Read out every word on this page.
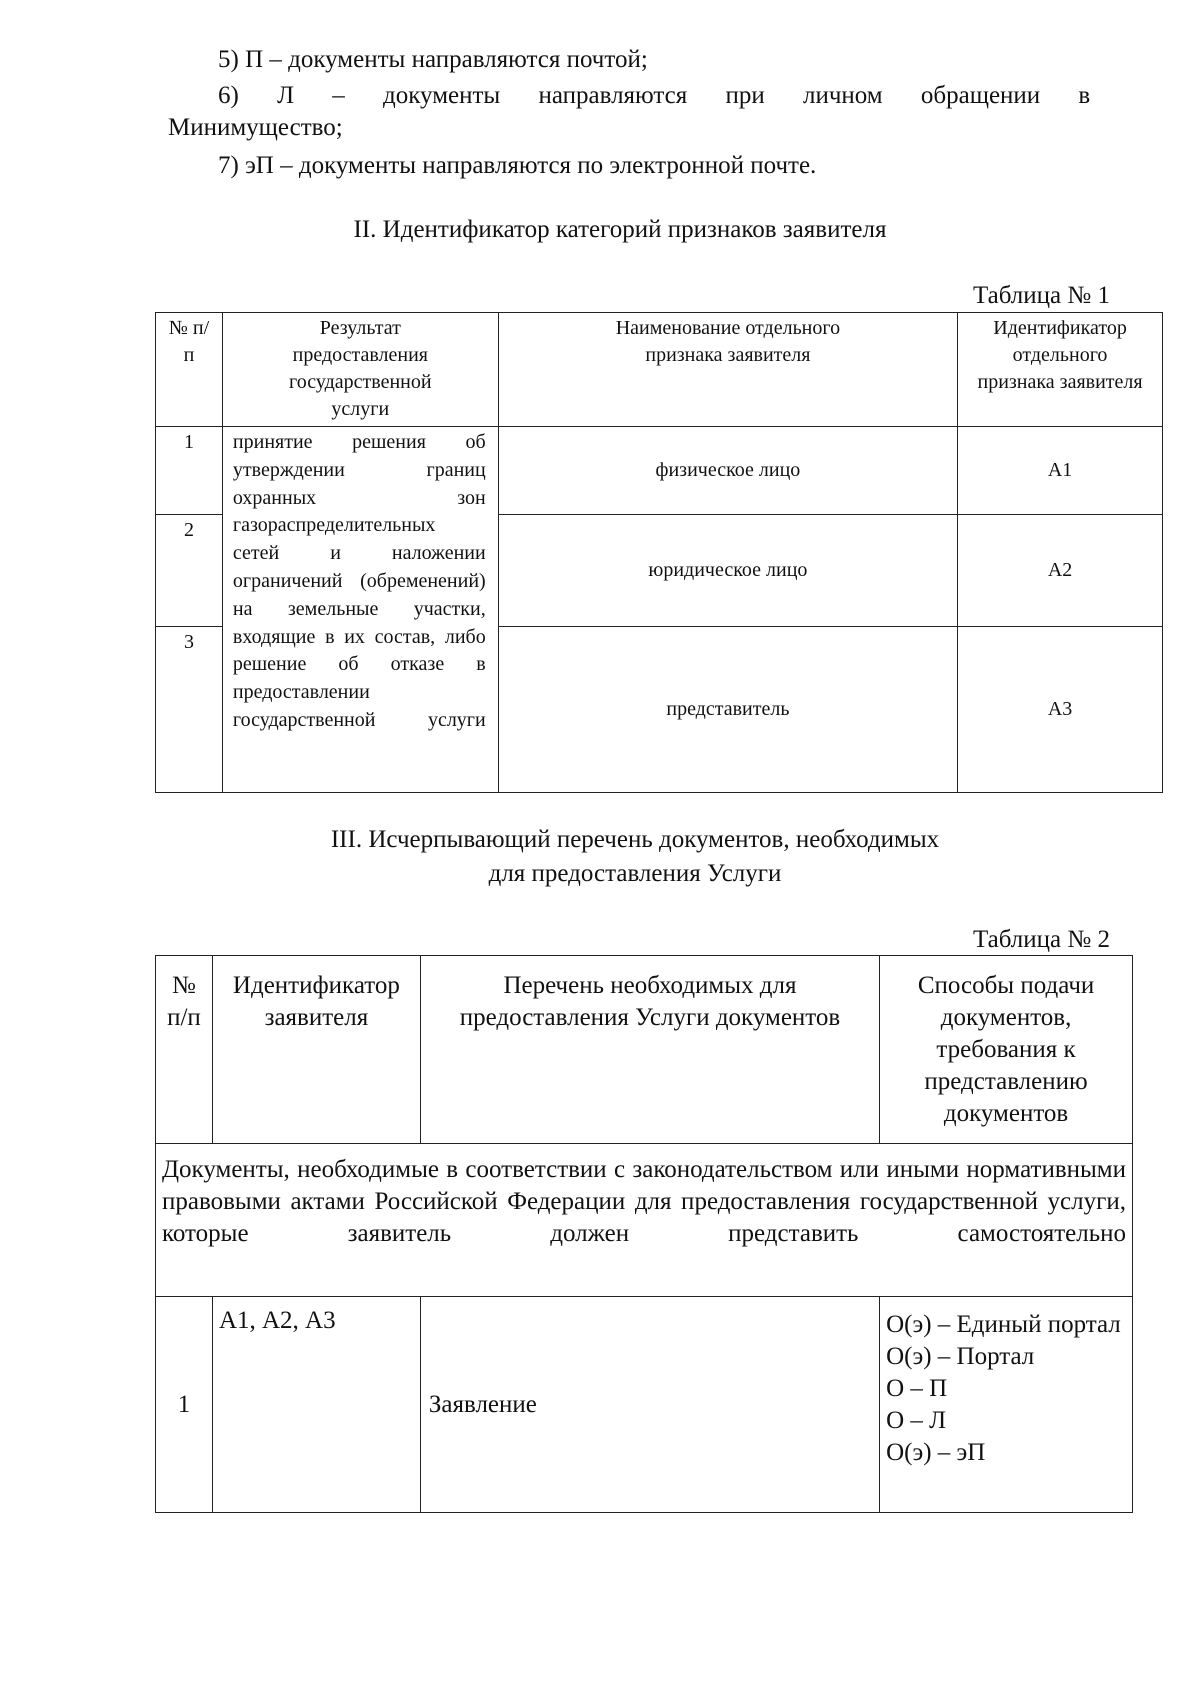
5) П – документы направляются почтой;
6) Л – документы направляются при личном обращении в
Минимущество;
7) эП – документы направляются по электронной почте.
II. Идентификатор категорий признаков заявителя
Таблица № 1
№ п/п	Результат предоставления государственной услуги	Наименование отдельного признака заявителя	Идентификатор отдельного признака заявителя

1	принятие решения об утверждении границ охранных зон газораспределительных сетей и наложении ограничений (обременений) на земельные участки, входящие в их состав, либо решение об отказе в предоставлении государственной услуги	физическое лицо	А1

2		юридическое лицо	А2

3		представитель	А3
III. Исчерпывающий перечень документов, необходимых
для предоставления Услуги
Таблица № 2
№ п/п	Идентификатор заявителя	Перечень необходимых для предоставления Услуги документов	Способы подачи документов, требования к представлению документов

Документы, необходимые в соответствии с законодательством или иными нормативными правовыми актами Российской Федерации для предоставления государственной услуги, которые заявитель должен представить самостоятельно			

1	А1, А2, А3	Заявление	О(э) – Единый портал
О(э) – Портал
О – П
О – Л
О(э) – эП
